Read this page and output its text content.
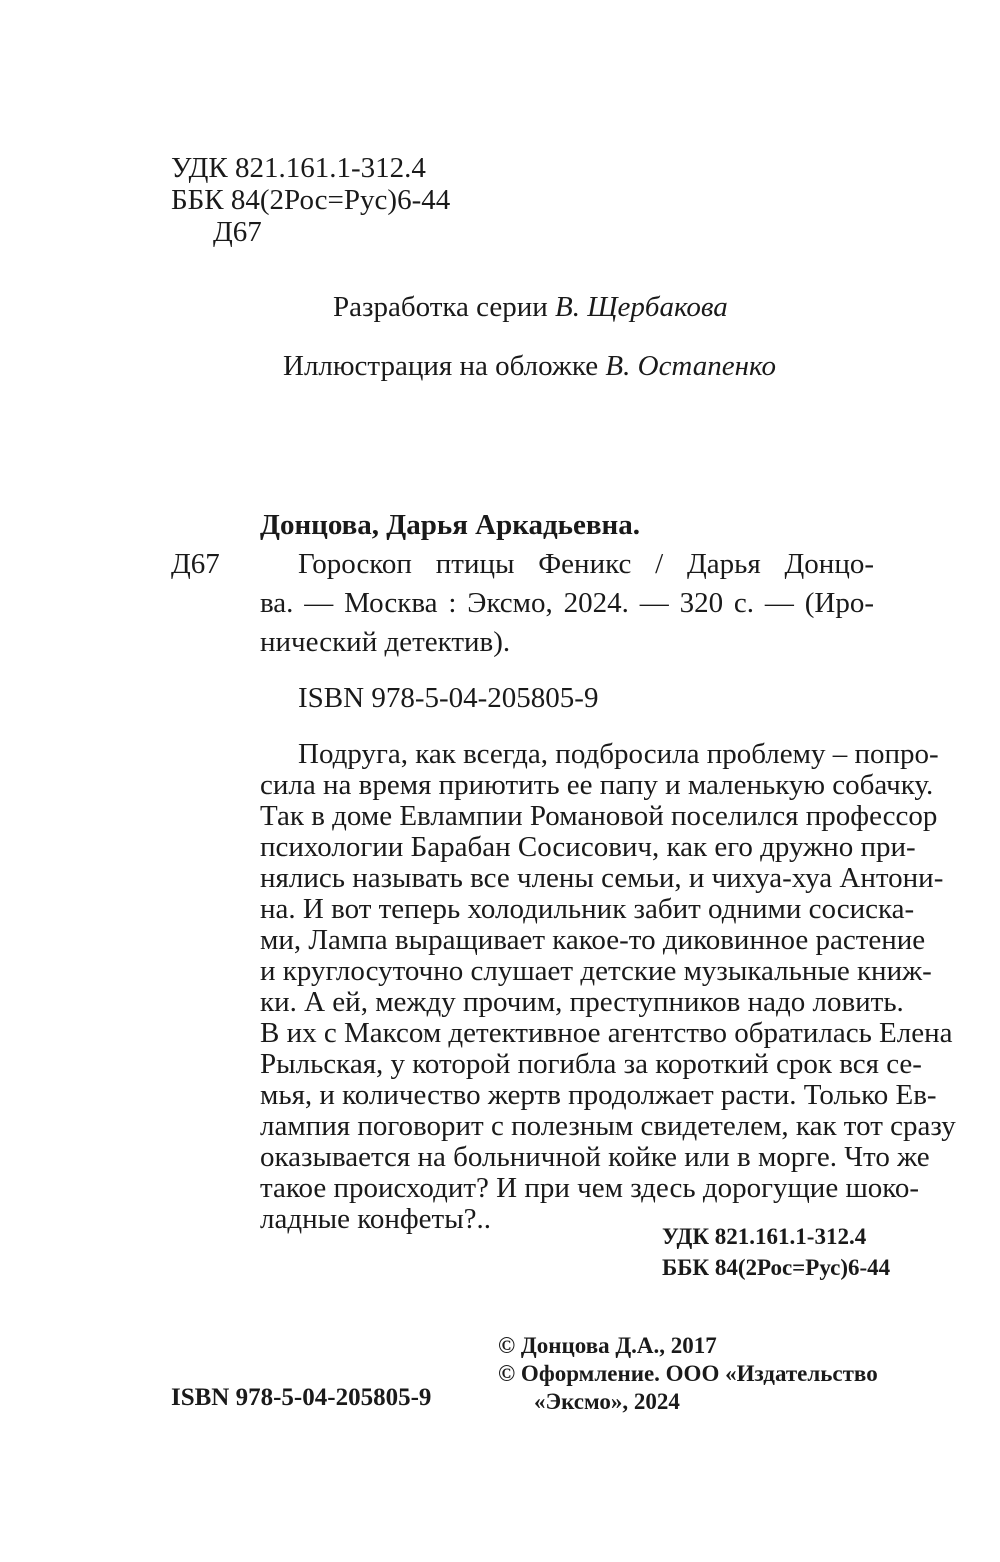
УДК 821.161.1-312.4
ББК 84(2Рос=Рус)6-44
Д67
Разработка серии В. Щербакова
Иллюстрация на обложке В. Остапенко
Донцова, Дарья Аркадьевна.
Д67	Гороскоп птицы Феникс / Дарья Донцо-
ва. — Москва : Эксмо, 2024. — 320 с. — (Иро-
нический детектив).
ISBN 978-5-04-205805-9
Подруга, как всегда, подбросила проблему – попро-
сила на время приютить ее папу и маленькую собачку.
Так в доме Евлампии Романовой поселился профессор
психологии Барабан Сосисович, как его дружно при-
нялись называть все члены семьи, и чихуа-хуа Антони-
на. И вот теперь холодильник забит одними сосиска-
ми, Лампа выращивает какое-то диковинное растение
и круглосуточно слушает детские музыкальные книж-
ки. А ей, между прочим, преступников надо ловить.
В их с Максом детективное агентство обратилась Елена
Рыльская, у которой погибла за короткий срок вся се-
мья, и количество жертв продолжает расти. Только Ев-
лампия поговорит с полезным свидетелем, как тот сразу
оказывается на больничной койке или в морге. Что же
такое происходит? И при чем здесь дорогущие шоко-
ладные конфеты?..
УДК 821.161.1-312.4
ББК 84(2Рос=Рус)6-44
© Донцова Д.А., 2017
© Оформление. ООО «Издательство
«Эксмо», 2024
ISBN 978-5-04-205805-9
